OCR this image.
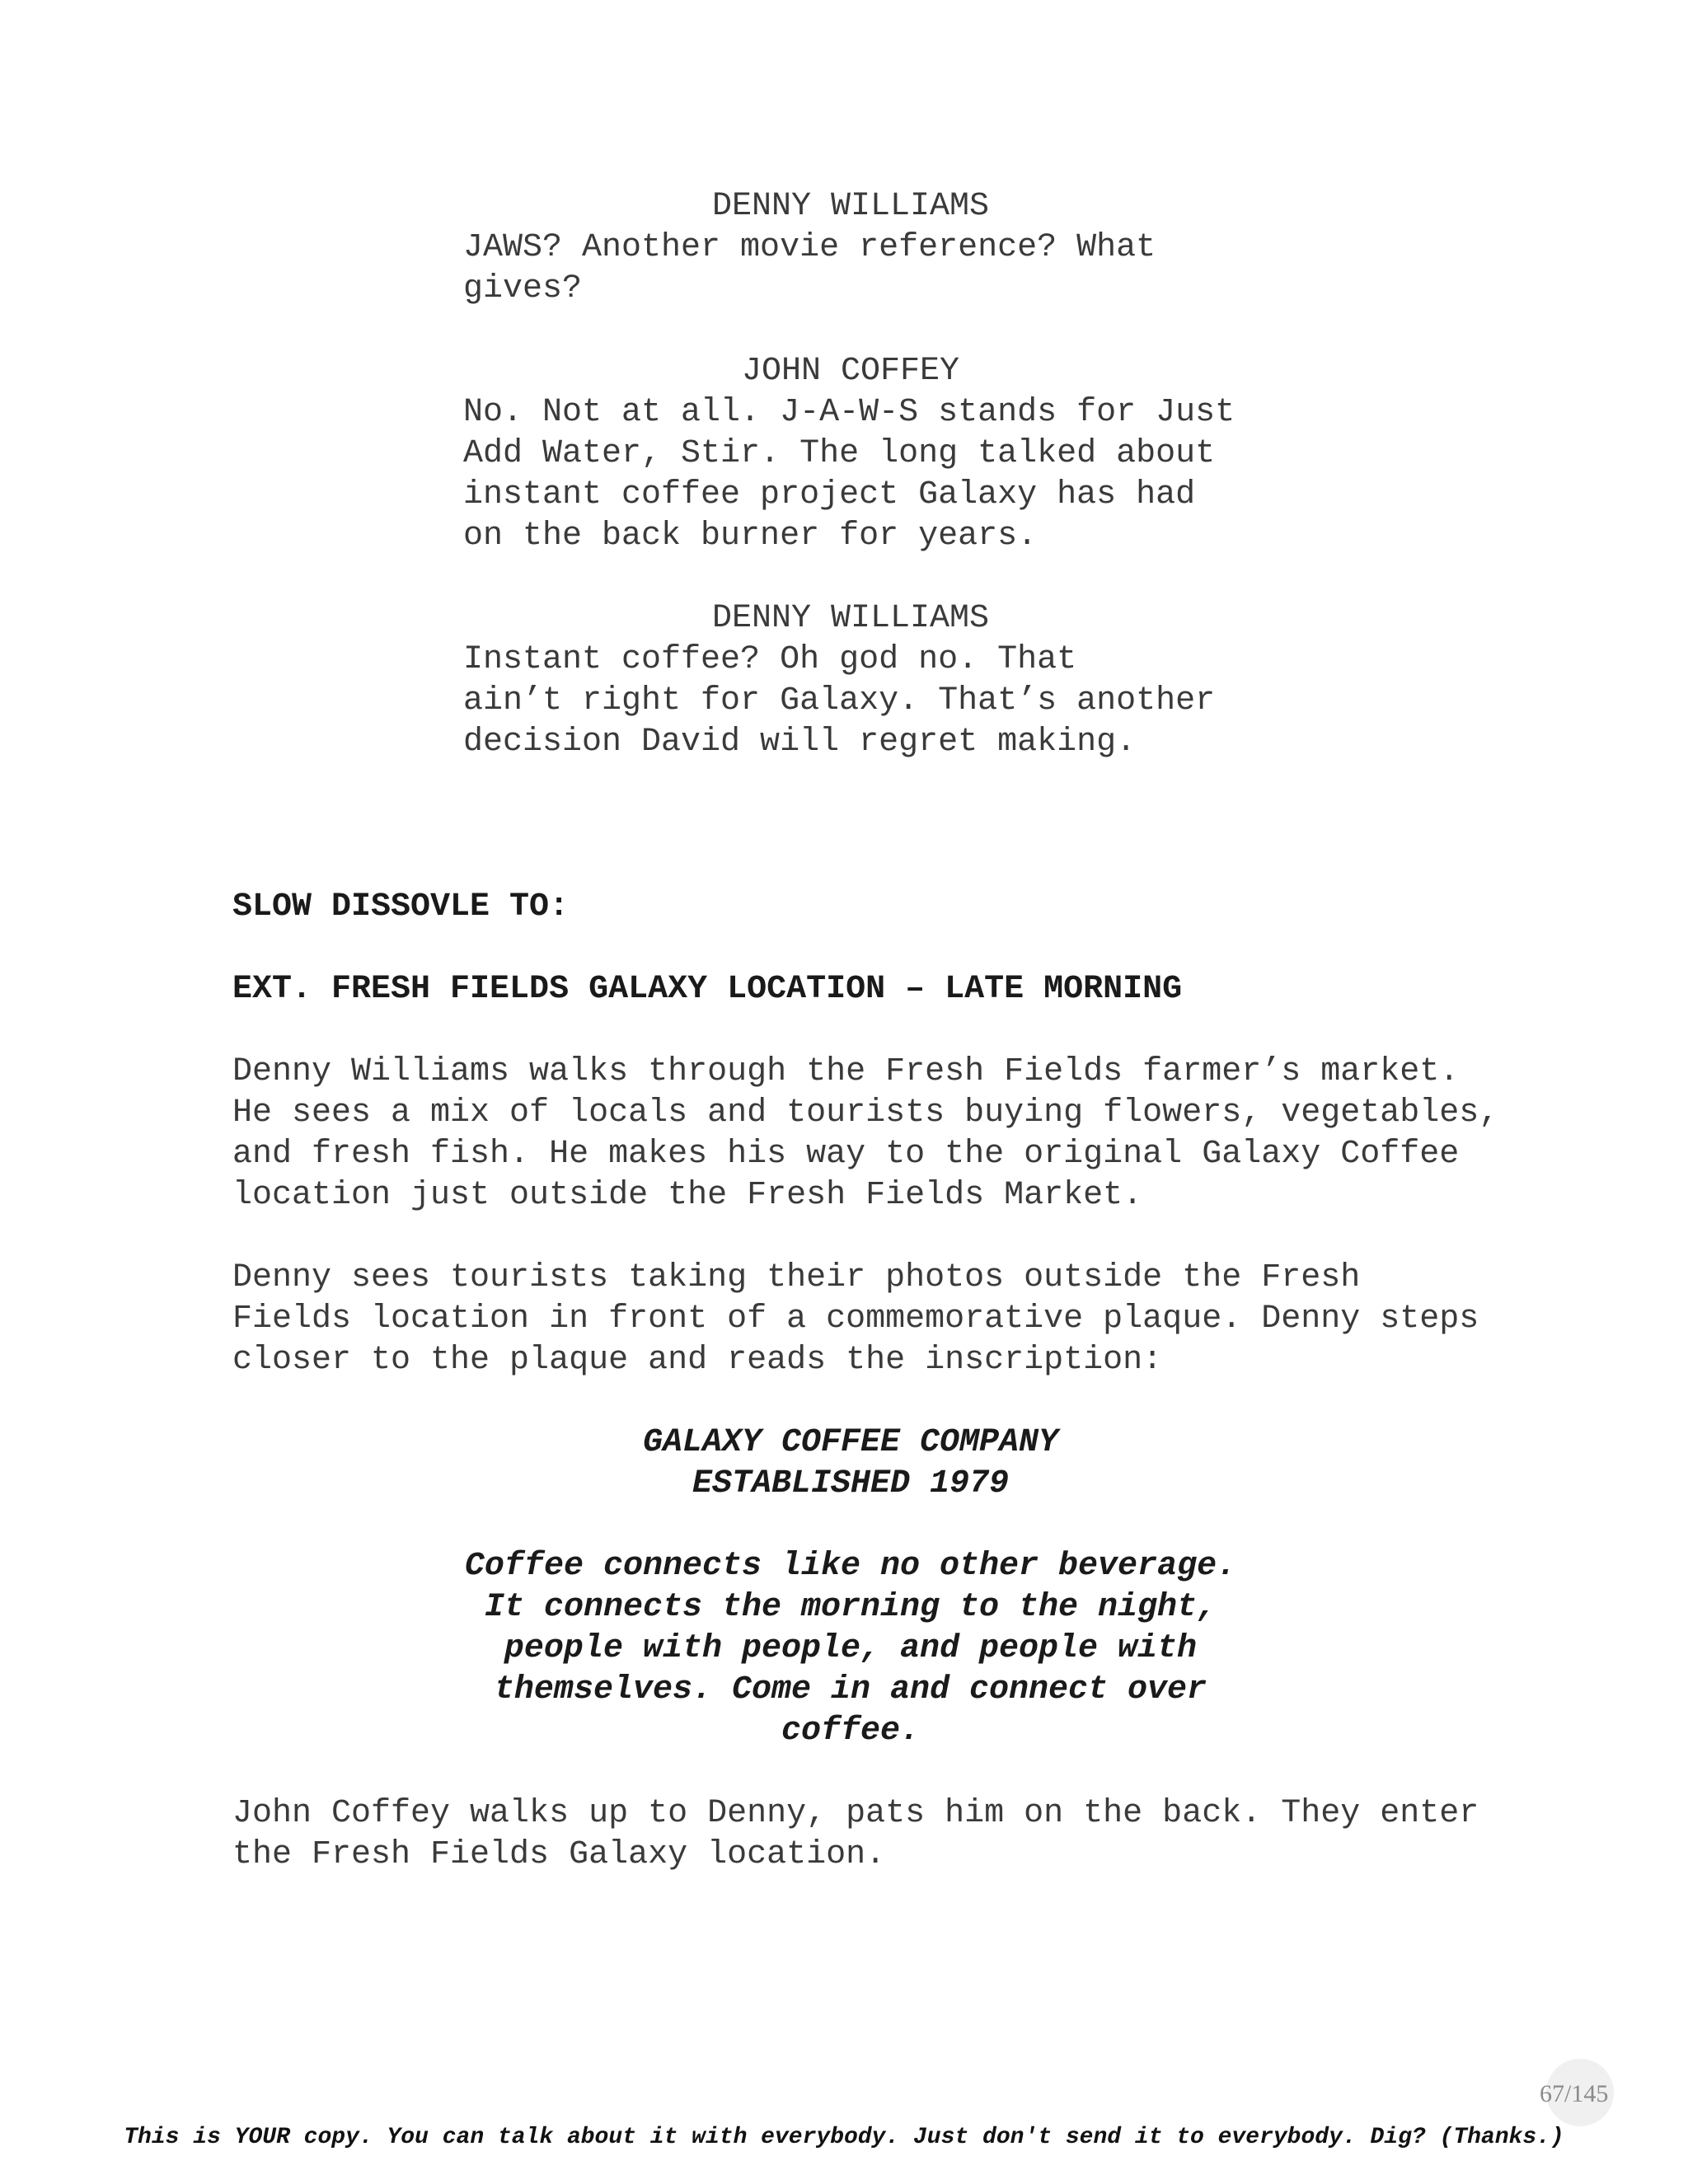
DENNY WILLIAMS
JAWS? Another movie reference? What
gives?
JOHN COFFEY
No. Not at all. J-A-W-S stands for Just
Add Water, Stir. The long talked about
instant coffee project Galaxy has had
on the back burner for years.
DENNY WILLIAMS
Instant coffee? Oh god no. That
ain’t right for Galaxy. That’s another
decision David will regret making.
SLOW DISSOVLE TO:
EXT. FRESH FIELDS GALAXY LOCATION – LATE MORNING
Denny Williams walks through the Fresh Fields farmer’s market.
He sees a mix of locals and tourists buying flowers, vegetables,
and fresh fish. He makes his way to the original Galaxy Coffee
location just outside the Fresh Fields Market.
Denny sees tourists taking their photos outside the Fresh
Fields location in front of a commemorative plaque. Denny steps
closer to the plaque and reads the inscription:
GALAXY COFFEE COMPANY
ESTABLISHED 1979
Coffee connects like no other beverage.
It connects the morning to the night,
people with people, and people with
themselves. Come in and connect over
coffee.
John Coffey walks up to Denny, pats him on the back. They enter
the Fresh Fields Galaxy location.
67/145
This is YOUR copy. You can talk about it with everybody. Just don't send it to everybody. Dig? (Thanks.)
